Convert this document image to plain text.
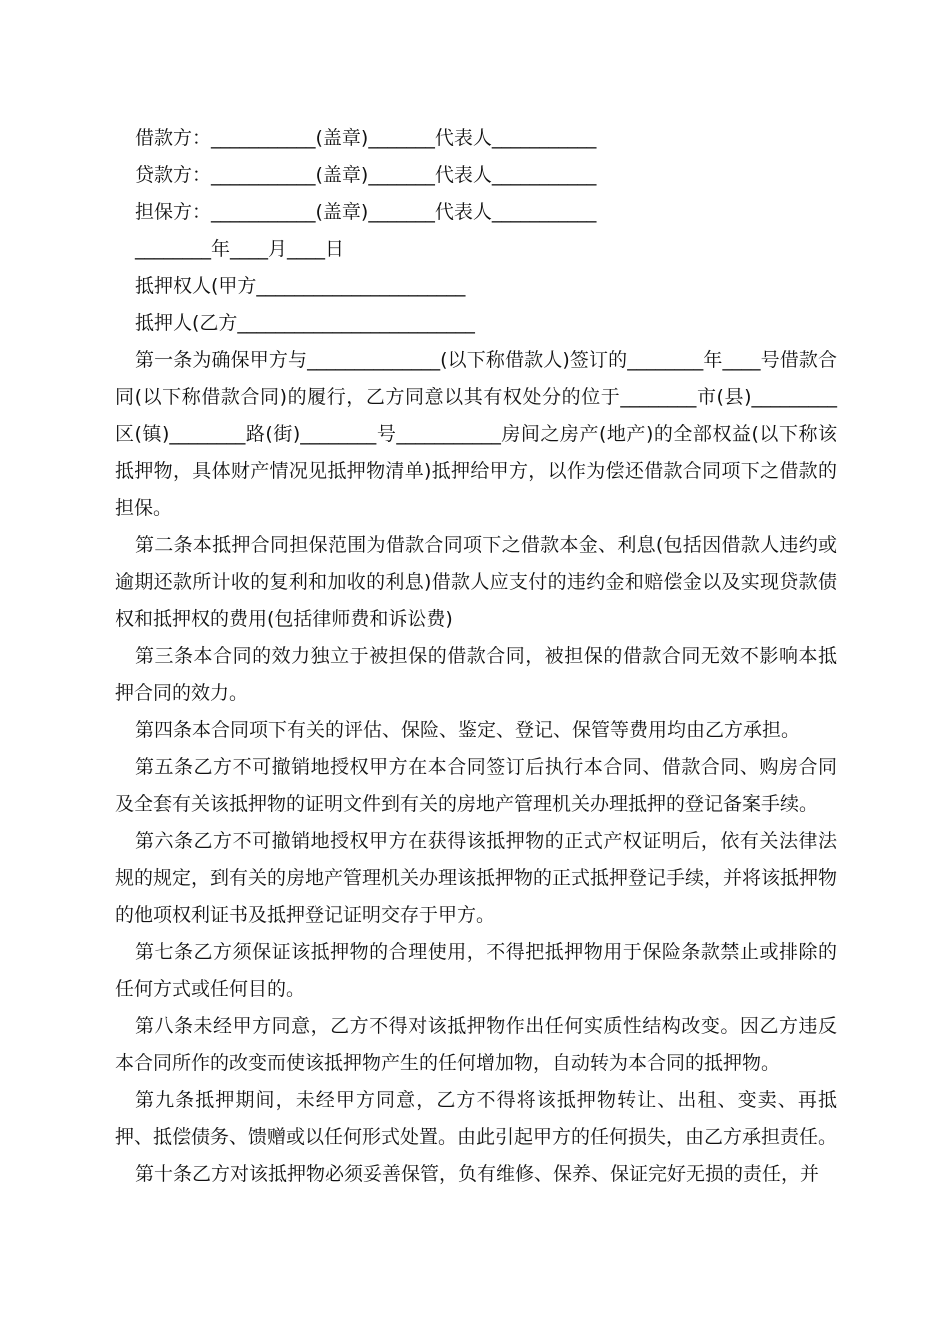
借款方：___________(盖章)_______代表人___________
贷款方：___________(盖章)_______代表人___________
担保方：___________(盖章)_______代表人___________
________年____月____日
抵押权人(甲方______________________
抵押人(乙方_________________________

第一条为确保甲方与______________(以下称借款人)签订的________年____号借款合同(以下称借款合同)的履行，乙方同意以其有权处分的位于________市(县)_________区(镇)________路(街)________号___________房间之房产(地产)的全部权益(以下称该抵押物，具体财产情况见抵押物清单)抵押给甲方，以作为偿还借款合同项下之借款的担保。

第二条本抵押合同担保范围为借款合同项下之借款本金、利息(包括因借款人违约或逾期还款所计收的复利和加收的利息)借款人应支付的违约金和赔偿金以及实现贷款债权和抵押权的费用(包括律师费和诉讼费)

第三条本合同的效力独立于被担保的借款合同，被担保的借款合同无效不影响本抵押合同的效力。

第四条本合同项下有关的评估、保险、鉴定、登记、保管等费用均由乙方承担。

第五条乙方不可撤销地授权甲方在本合同签订后执行本合同、借款合同、购房合同及全套有关该抵押物的证明文件到有关的房地产管理机关办理抵押的登记备案手续。

第六条乙方不可撤销地授权甲方在获得该抵押物的正式产权证明后，依有关法律法规的规定，到有关的房地产管理机关办理该抵押物的正式抵押登记手续，并将该抵押物的他项权利证书及抵押登记证明交存于甲方。

第七条乙方须保证该抵押物的合理使用，不得把抵押物用于保险条款禁止或排除的任何方式或任何目的。

第八条未经甲方同意，乙方不得对该抵押物作出任何实质性结构改变。因乙方违反本合同所作的改变而使该抵押物产生的任何增加物，自动转为本合同的抵押物。

第九条抵押期间，未经甲方同意，乙方不得将该抵押物转让、出租、变卖、再抵押、抵偿债务、馈赠或以任何形式处置。由此引起甲方的任何损失，由乙方承担责任。

第十条乙方对该抵押物必须妥善保管，负有维修、保养、保证完好无损的责任，并
